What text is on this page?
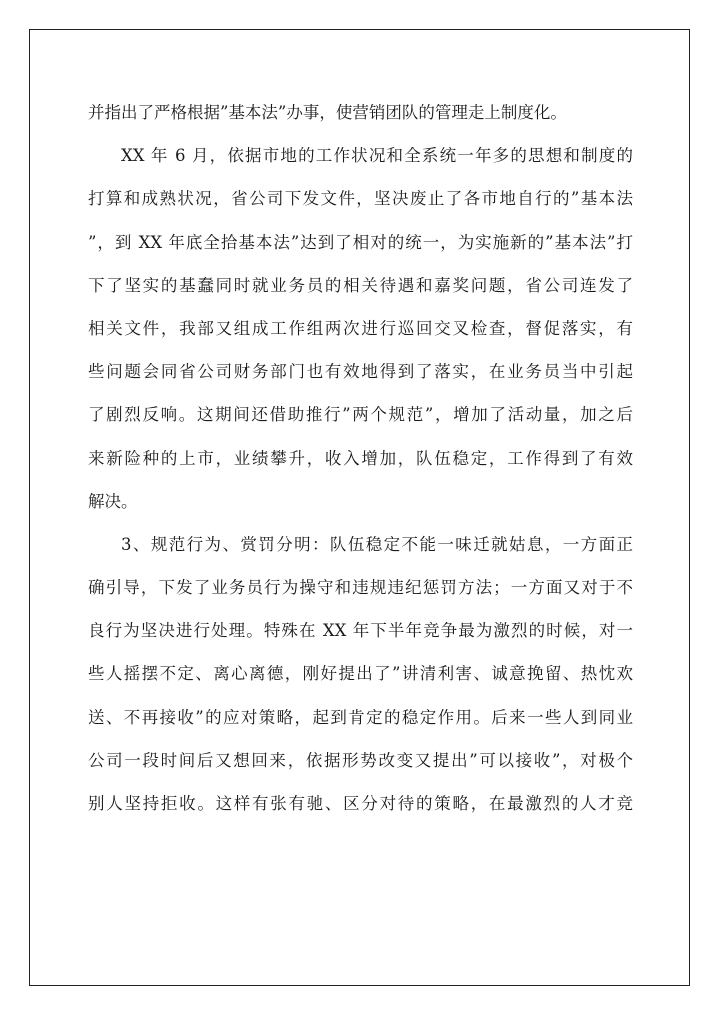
并指出了严格根据”基本法”办事，使营销团队的管理走上制度化。
XX 年 6 月，依据市地的工作状况和全系统一年多的思想和制度的
打算和成熟状况，省公司下发文件，坚决废止了各市地自行的”基本法
”，到 XX 年底全拾基本法”达到了相对的统一，为实施新的”基本法”打
下了坚实的基蠢同时就业务员的相关待遇和嘉奖问题，省公司连发了
相关文件，我部又组成工作组两次进行巡回交叉检查，督促落实，有
些问题会同省公司财务部门也有效地得到了落实，在业务员当中引起
了剧烈反响。这期间还借助推行”两个规范”，增加了活动量，加之后
来新险种的上市，业绩攀升，收入增加，队伍稳定，工作得到了有效
解决。
3、规范行为、赏罚分明：队伍稳定不能一味迁就姑息，一方面正
确引导，下发了业务员行为操守和违规违纪惩罚方法；一方面又对于不
良行为坚决进行处理。特殊在 XX 年下半年竞争最为激烈的时候，对一
些人摇摆不定、离心离德，刚好提出了”讲清利害、诚意挽留、热忱欢
送、不再接收”的应对策略，起到肯定的稳定作用。后来一些人到同业
公司一段时间后又想回来，依据形势改变又提出”可以接收”，对极个
别人坚持拒收。这样有张有驰、区分对待的策略，在最激烈的人才竞
